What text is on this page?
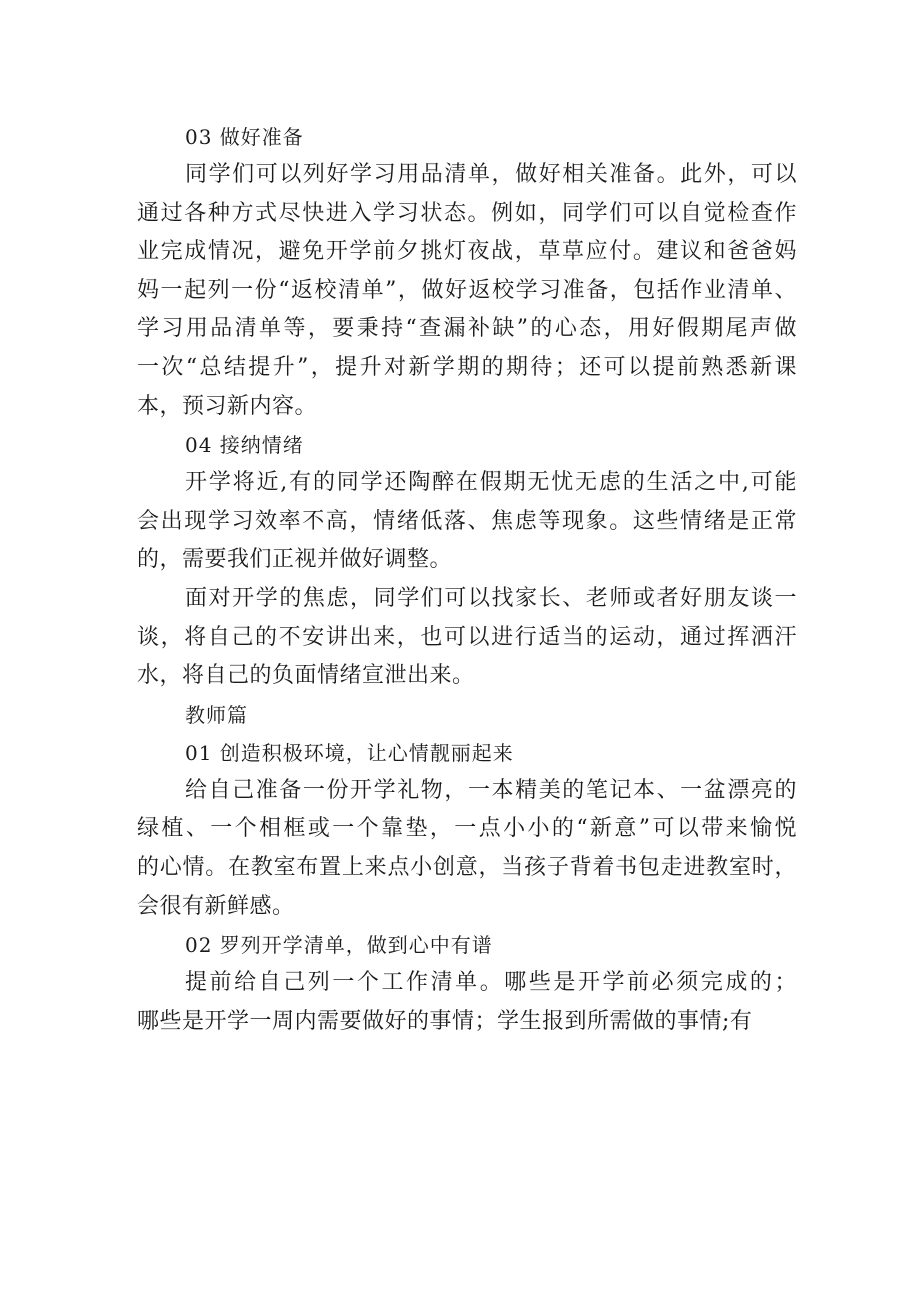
03 做好准备

同学们可以列好学习用品清单，做好相关准备。此外，可以

通过各种方式尽快进入学习状态。例如，同学们可以自觉检查作

业完成情况，避免开学前夕挑灯夜战，草草应付。建议和爸爸妈

妈一起列一份“返校清单”，做好返校学习准备，包括作业清单、

学习用品清单等，要秉持“查漏补缺”的心态，用好假期尾声做

一次“总结提升”，提升对新学期的期待；还可以提前熟悉新课

本，预习新内容。

04 接纳情绪

开学将近,有的同学还陶醉在假期无忧无虑的生活之中,可能

会出现学习效率不高，情绪低落、焦虑等现象。这些情绪是正常

的，需要我们正视并做好调整。

面对开学的焦虑，同学们可以找家长、老师或者好朋友谈一

谈，将自己的不安讲出来，也可以进行适当的运动，通过挥洒汗

水，将自己的负面情绪宣泄出来。

教师篇

01 创造积极环境，让心情靓丽起来

给自己准备一份开学礼物，一本精美的笔记本、一盆漂亮的

绿植、一个相框或一个靠垫，一点小小的“新意”可以带来愉悦

的心情。在教室布置上来点小创意，当孩子背着书包走进教室时，

会很有新鲜感。

02 罗列开学清单，做到心中有谱

提前给自己列一个工作清单。哪些是开学前必须完成的；

哪些是开学一周内需要做好的事情；学生报到所需做的事情;有
